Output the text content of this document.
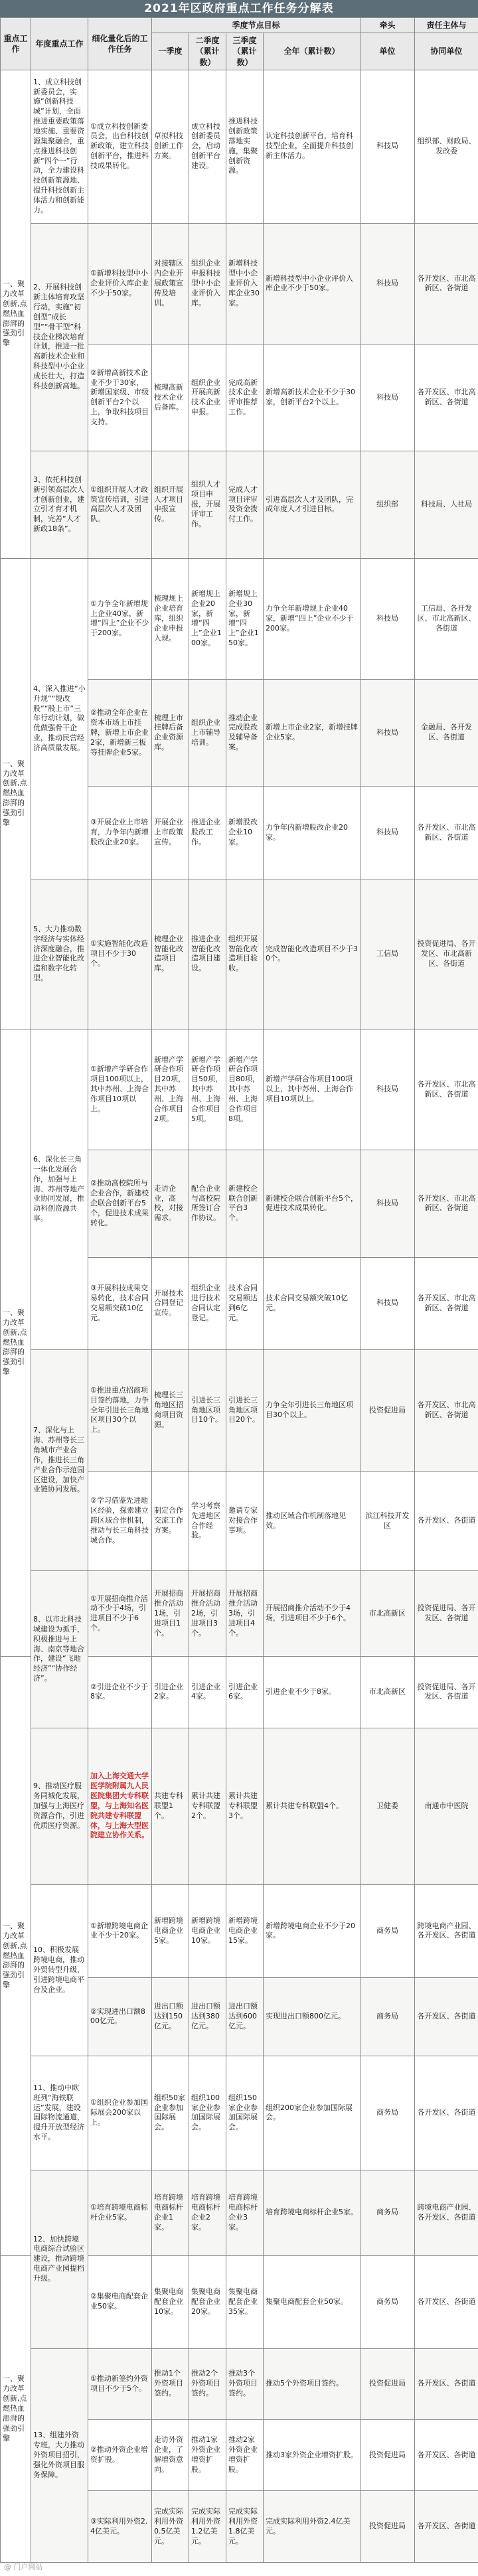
2021年区政府重点工作任务分解表
重点工作	年度重点工作	细化量化后的工作任务	季度节点目标				牵头	责任主体与
			一季度	二季度（累计数）	三季度（累计数）	全年（累计数）	单位	协同单位
一、聚力改革创新,点燃热血澎湃的强劲引擎	1、成立科技创新委员会，实施“创新科技城”计划，全面推进重要政策落地实施、重要资源集聚融合，重点推进科技创新“四个一”行动，全力建设科技创新策源地、提升科技创新主体活力和创新能力。	①成立科技创新委员会，出台科技创新政策，建立科技创新平台，推进科技成果转化。	草拟科技创新工作方案。	成立科技创新委员会，启动创新平台建设。	推进科技创新政策落地实施，集聚创新资源。	认定科技创新平台，培育科技型企业，全面提升科技创新主体活力。	科技局	组织部、财政局、发改委
	2、开展科技创新主体培育攻坚行动，实施“初创型”成长型”“骨干型”科技企业梯次培育计划，推进一批高新技术企业和科技型中小企业成长壮大，打造科技创新高地。	①新增科技型中小企业评价入库企业不少于50家。	对接辖区内企业开展政策宣传及培训。	组织企业申报科技型中小企业评价入库。	新增科技型中小企业评价入库企业30家。	新增科技型中小企业评价入库企业不少于50家。	科技局	各开发区、市北高新区、各街道
		②新增高新技术企业不少于30家，新增国家级、市级创新平台2个以上，争取科技项目支持。	梳理高新技术企业后备库。	组织企业开展高新技术企业申报。	完成高新技术企业评审推荐工作。	新增高新技术企业不少于30家，创新平台2个以上。	科技局	各开发区、市北高新区、各街道
	3、依托科技创新引领高层次人才创新创业，建立引才育才机制，完善“人才新政18条”。	①组织开展人才政策宣传培训，引进高层次人才及团队。	组织开展人才项目申报宣传。	组织人才项目申报，开展评审工作。	完成人才项目评审及资金拨付工作。	引进高层次人才及团队，完成年度人才引进目标。	组织部	科技局、人社局
一、聚力改革创新,点燃热血澎湃的强劲引擎	4、深入推进“小升规”“规改股”“股上市”三年行动计划，做优做强骨干企业，推动民营经济高质量发展。	①力争全年新增规上企业40家，新增“四上”企业不少于200家。	梳理规上企业培育库，组织企业申报入规。	新增规上企业20家，新增“四上”企业100家。	新增规上企业30家，新增“四上”企业150家。	力争全年新增规上企业40家，新增“四上”企业不少于200家。	科技局	工信局、各开发区、市北高新区、各街道
		②推动全年企业在资本市场上市挂牌，新增上市企业2家，新增新三板等挂牌企业5家。	梳理上市挂牌后备企业资源库。	组织企业上市辅导培训。	推动企业完成股改及辅导备案。	新增上市企业2家，新增挂牌企业5家。	科技局	金融局、各开发区、各街道
		③开展企业上市培育，力争年内新增股改企业20家。	开展企业上市政策宣传。	推进企业股改工作。	新增股改企业10家。	力争年内新增股改企业20家。	科技局	各开发区、市北高新区、各街道
	5、大力推动数字经济与实体经济深度融合，推进企业智能化改造和数字化转型。	①实施智能化改造项目不少于30个。	梳理企业智能化改造项目库。	推进企业智能化改造项目建设。	组织开展智能化改造项目验收。	完成智能化改造项目不少于30个。	工信局	投资促进局、各开发区、市北高新区、各街道
一、聚力改革创新,点燃热血澎湃的强劲引擎	6、深化长三角一体化发展合作，加强与上海、苏州等地产业协同发展，推动科创资源共享。	①新增产学研合作项目100项以上，其中苏州、上海合作项目10项以上。	新增产学研合作项目20项，其中苏州、上海合作项目2项。	新增产学研合作项目50项，其中苏州、上海合作项目5项。	新增产学研合作项目80项，其中苏州、上海合作项目8项。	新增产学研合作项目100项以上，其中苏州、上海合作项目10项以上。	科技局	各开发区、市北高新区、各街道
		②推动高校院所与企业合作，新建校企联合创新平台5个，促进技术成果转化。	走访企业，高校，对接需求。	配合企业与高校院所签订合作协议。	新建校企联合创新平台3个。	新建校企联合创新平台5个，促进技术成果转化。	科技局	各开发区、市北高新区、各街道
		③开展科技成果交易转化，技术合同交易额突破10亿元。	开展技术合同登记宣传。	组织企业进行技术合同认定登记。	技术合同交易额达到6亿元。	技术合同交易额突破10亿元。	科技局	各开发区、市北高新区、各街道
	7、深化与上海、苏州等长三角城市产业合作，推进长三角产业合作示范园区建设，加快产业链协同发展。	①推进重点招商项目签约落地，力争全年引进长三角地区项目30个以上。	梳理长三角地区招商项目资源。	引进长三角地区项目10个。	引进长三角地区项目20个。	力争全年引进长三角地区项目30个以上。	投资促进局	各开发区、市北高新区、各街道
		②学习借鉴先进地区经验，探索建立跨区域合作机制，推动与长三角科技城合作。	制定合作交流工作方案。	学习考察先进地区合作经验。	邀请专家对接合作事项。	推动区域合作机制落地见效。	滨江科技开发区	各开发区、各街道
	8、以市北科技城建设为抓手，积极推进与上海、南京等地合作，建设“飞地经济”“协作经济”。	①开展招商推介活动不少于4场，引进项目不少于6个。	开展招商推介活动1场，引进项目1个。	开展招商推介活动2场，引进项目3个。	开展招商推介活动3场，引进项目4个。	开展招商推介活动不少于4场，引进项目不少于6个。	市北高新区	投资促进局、各开发区、各街道
一、聚力改革创新,点燃热血澎湃的强劲引擎		②引进企业不少于8家。	引进企业2家。	引进企业4家。	引进企业6家。	引进企业不少于8家。	市北高新区	投资促进局、各开发区、各街道
	9、推动医疗服务同城化发展，加强与上海医疗资源合作，引进优质医疗资源。	加入上海交通大学医学院附属九人民医院集团大专科联盟，与上海知名医院共建专科联盟体，与上海大型医院建立协作关系。	共建专科联盟1个。	累计共建专科联盟2个。	累计共建专科联盟3个。	累计共建专科联盟4个。	卫健委	南通市中医院
	10、积极发展跨境电商，推动外贸转型升级，引进跨境电商平台及企业。	①新增跨境电商企业不少于20家。	新增跨境电商企业5家。	新增跨境电商企业10家。	新增跨境电商企业15家。	新增跨境电商企业不少于20家。	商务局	跨境电商产业园、各开发区、各街道
		②实现进出口额800亿元。	进出口额达到150亿元。	进出口额达到380亿元。	进出口额达到600亿元。	实现进出口额800亿元。	商务局	各开发区、各街道
	11、推动中欧班列“海铁联运”发展，建设国际物流通道，提升开放型经济水平。	①组织企业参加国际展会200家以上。	组织50家企业参加国际展会。	组织100家企业参加国际展会。	组织150家企业参加国际展会。	组织200家企业参加国际展会。	商务局	各开发区、各街道
	12、加快跨境电商综合试验区建设，推动跨境电商产业园提档升级。	①培育跨境电商标杆企业5家。	培育跨境电商标杆企业1家。	培育跨境电商标杆企业2家。	培育跨境电商标杆企业3家。	培育跨境电商标杆企业5家。	商务局	跨境电商产业园、各开发区、各街道
一、聚力改革创新,点燃热血澎湃的强劲引擎		②集聚电商配套企业50家。	集聚电商配套企业10家。	集聚电商配套企业20家。	集聚电商配套企业35家。	集聚电商配套企业50家。	商务局	各开发区、各街道
	13、组建外资专班，大力推动外资项目招引，强化外资项目服务保障。	①推动新签约外资项目不少于5个。	推动1个外资项目签约。	推动2个外资项目签约。	推动3个外资项目签约。	推动5个外资项目签约。	投资促进局	各开发区、各街道
		②推动外资企业增资扩股。	走访外资企业，了解增资意向。	推动1家外资企业增资扩股。	推动2家外资企业增资扩股。	推动3家外资企业增资扩股。	投资促进局	各开发区、各街道
		③实际利用外资2.4亿美元。	完成实际利用外资0.5亿美元。	完成实际利用外资1.2亿美元。	完成实际利用外资1.8亿美元。	完成实际利用外资2.4亿美元。	投资促进局	各开发区、各街道
@ 门户网站
